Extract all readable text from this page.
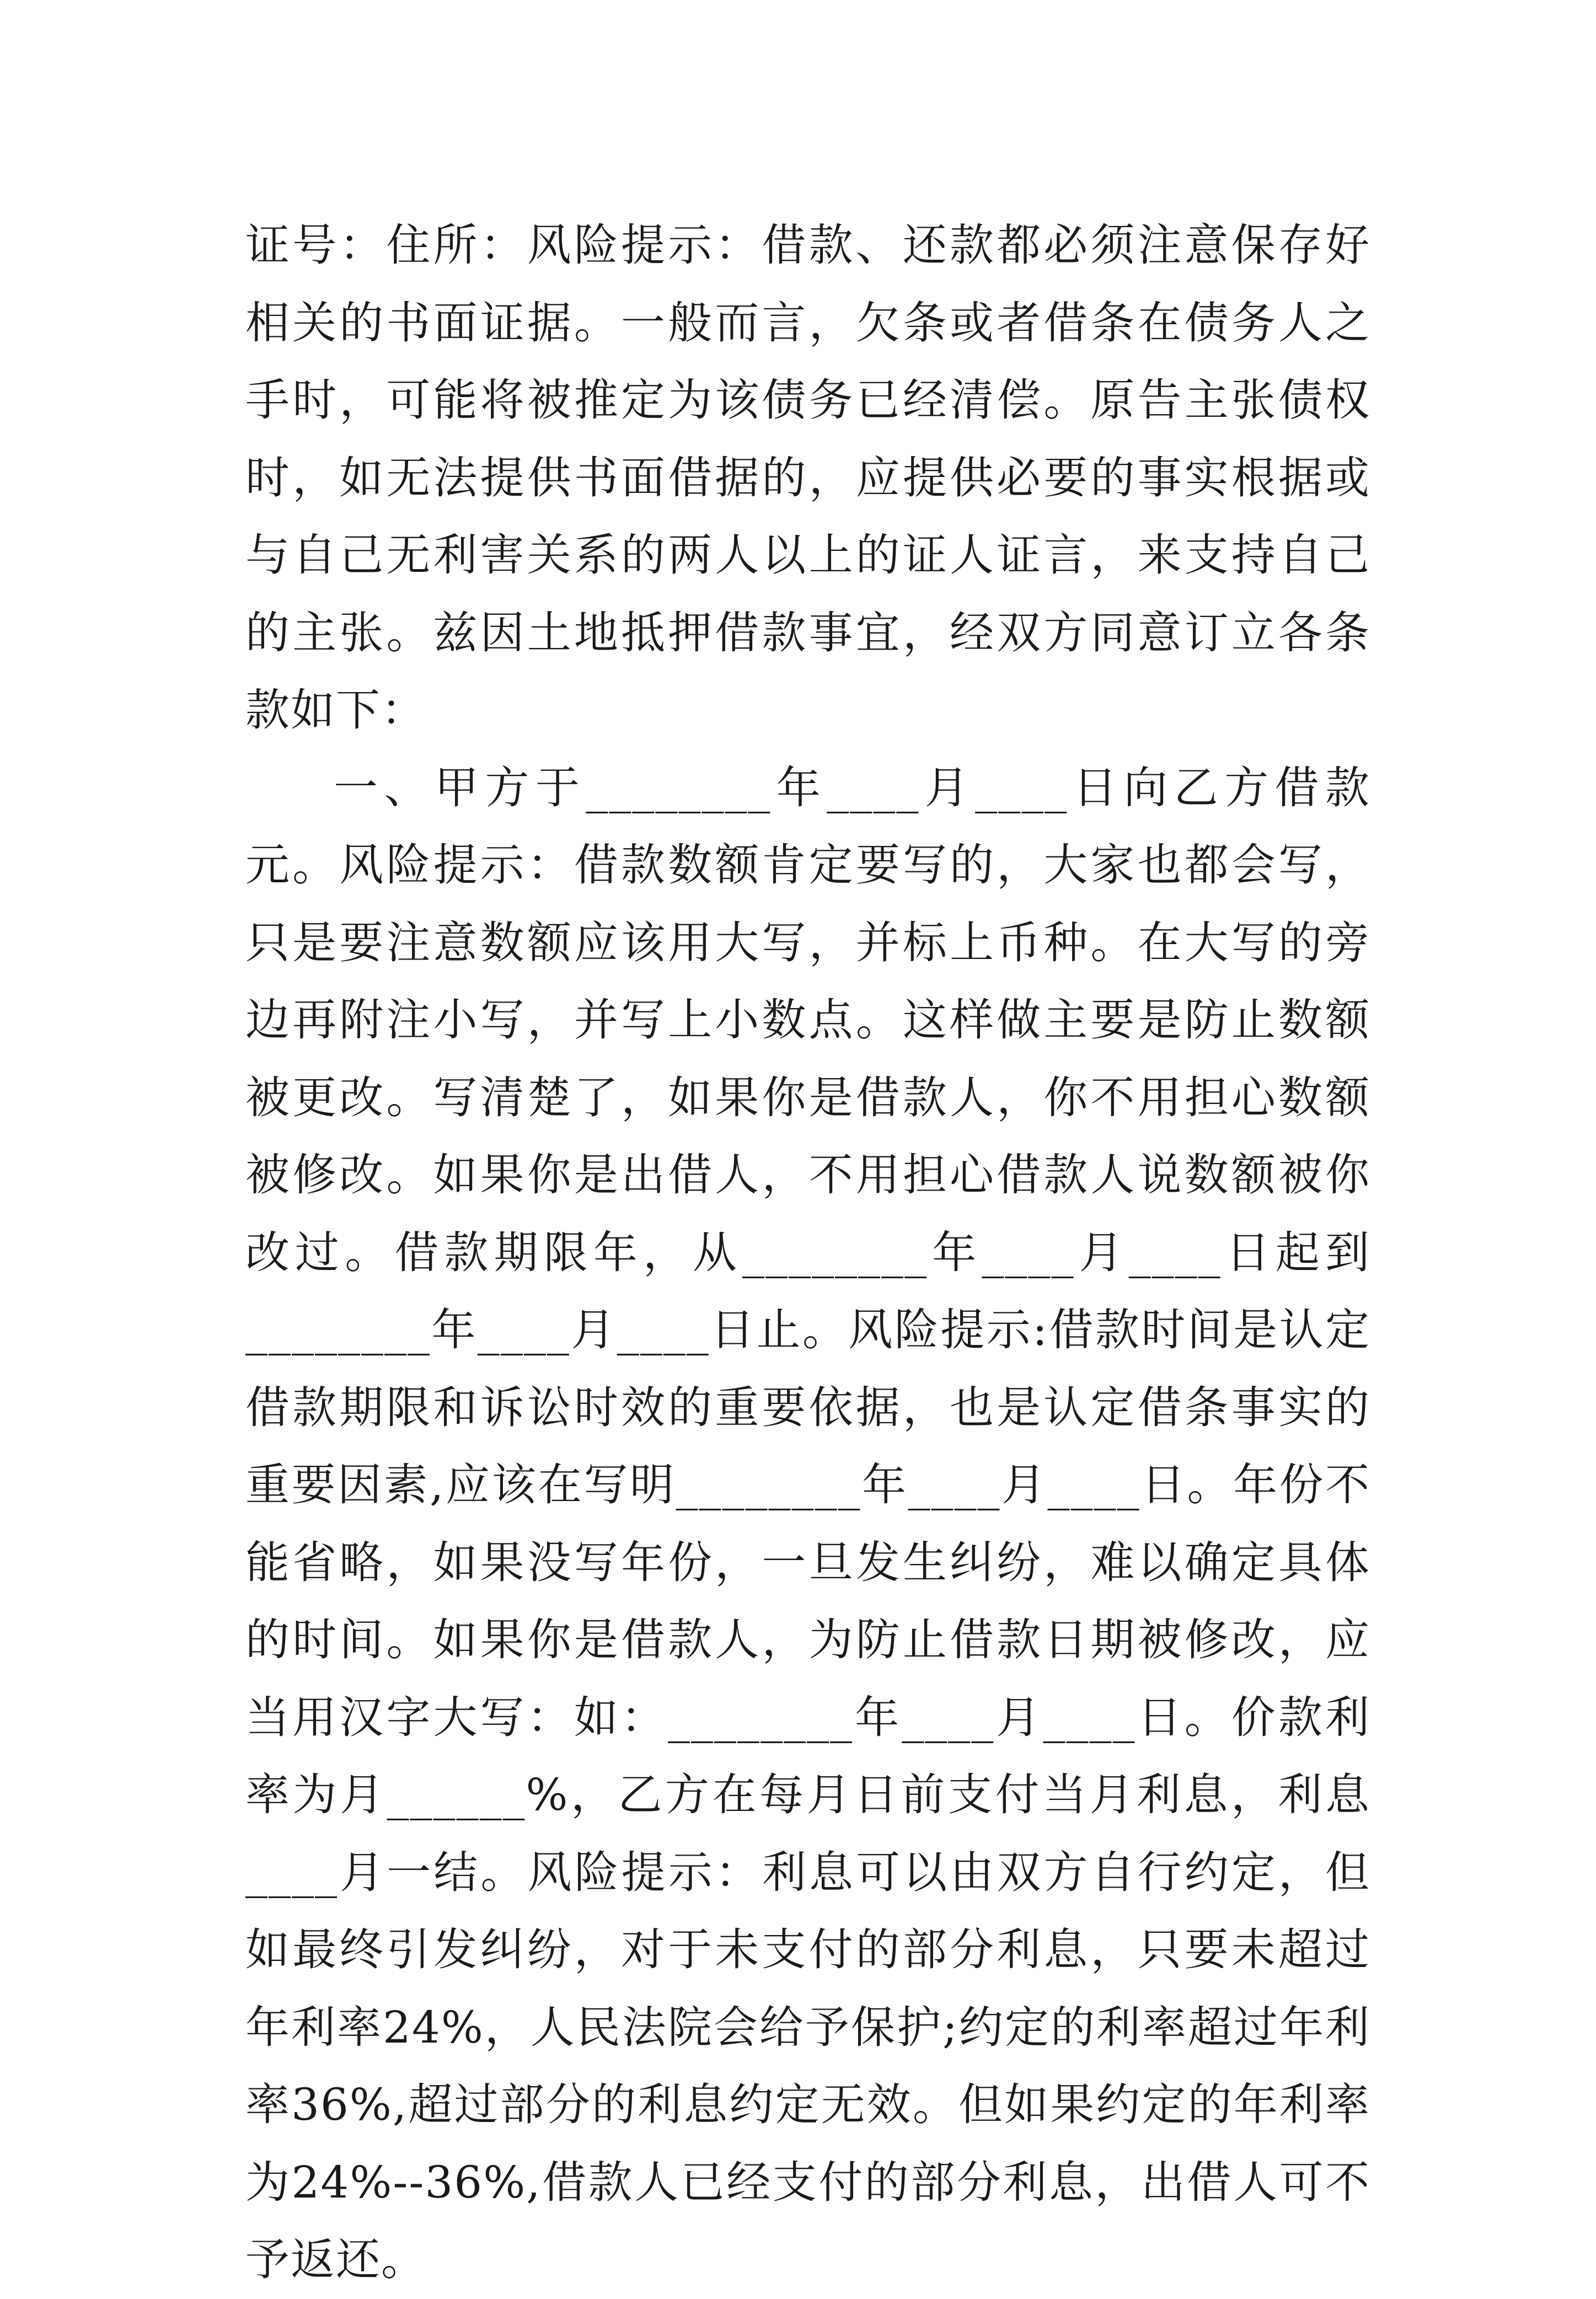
证号：住所：风险提示：借款、还款都必须注意保存好相关的书面证据。一般而言，欠条或者借条在债务人之手时，可能将被推定为该债务已经清偿。原告主张债权时，如无法提供书面借据的，应提供必要的事实根据或与自己无利害关系的两人以上的证人证言，来支持自己的主张。兹因土地抵押借款事宜，经双方同意订立各条款如下：

一、甲方于________年____月____日向乙方借款元。风险提示：借款数额肯定要写的，大家也都会写，只是要注意数额应该用大写，并标上币种。在大写的旁边再附注小写，并写上小数点。这样做主要是防止数额被更改。写清楚了，如果你是借款人，你不用担心数额被修改。如果你是出借人，不用担心借款人说数额被你改过。借款期限年，从________年____月____日起到________年____月____日止。风险提示:借款时间是认定借款期限和诉讼时效的重要依据，也是认定借条事实的重要因素,应该在写明________年____月____日。年份不能省略，如果没写年份，一旦发生纠纷，难以确定具体的时间。如果你是借款人，为防止借款日期被修改，应当用汉字大写：如：________年____月____日。价款利率为月______%，乙方在每月日前支付当月利息，利息____月一结。风险提示：利息可以由双方自行约定，但如最终引发纠纷，对于未支付的部分利息，只要未超过年利率24%，人民法院会给予保护;约定的利率超过年利率36%,超过部分的利息约定无效。但如果约定的年利率为24%--36%,借款人已经支付的部分利息，出借人可不予返还。
